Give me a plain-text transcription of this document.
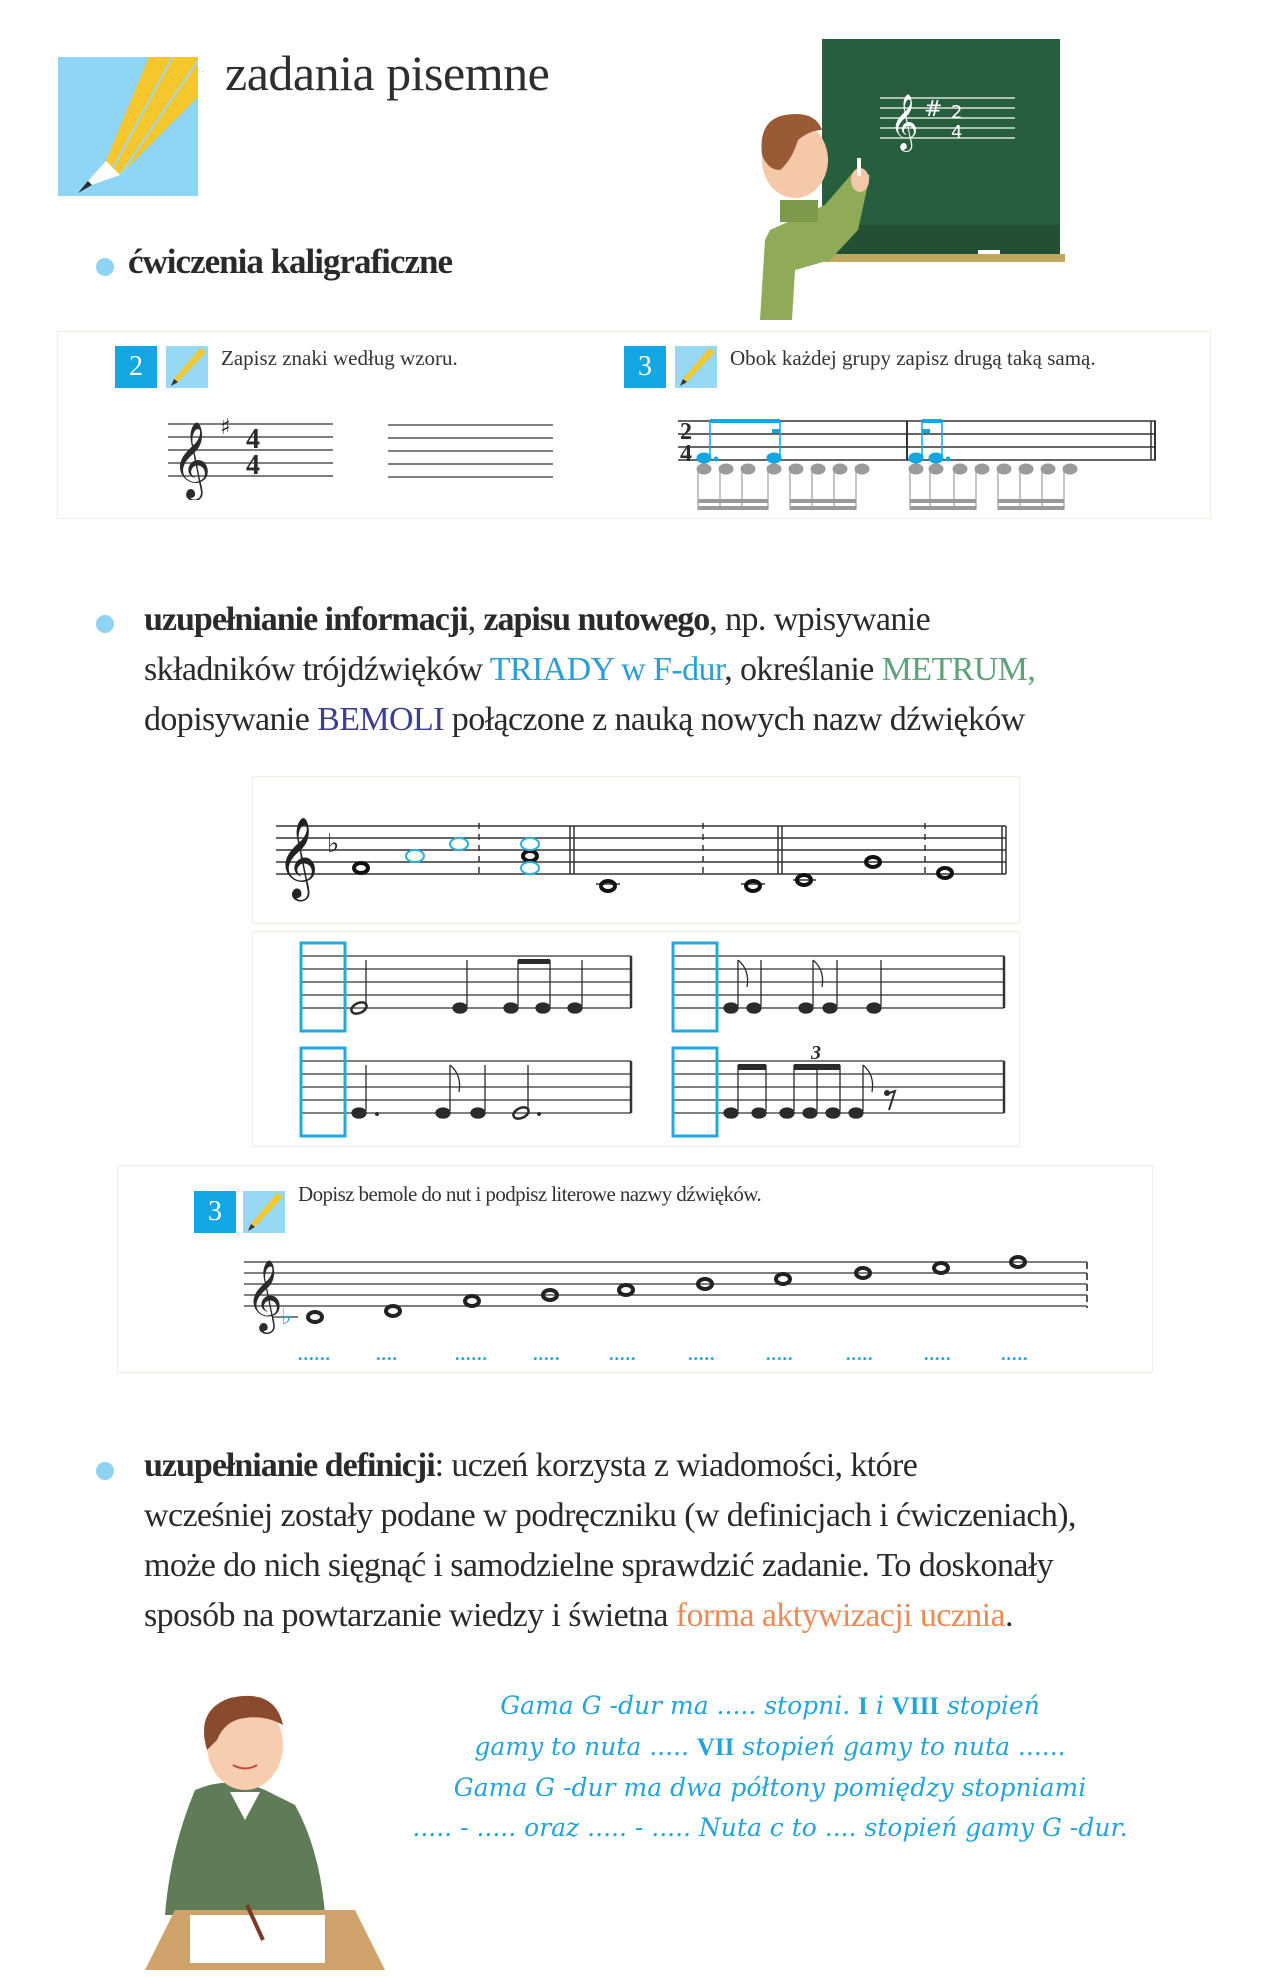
zadania pisemne
𝄞 # 2
4
ćwiczenia kaligraficzne
2	Zapisz znaki według wzoru.
𝄞 ♯ 4
4
3	Obok każdej grupy zapisz drugą taką samą.
2
4
uzupełnianie informacji, zapisu nutowego, np. wpisywanie
składników trójdźwięków TRIADY w F-dur, określanie METRUM,
dopisywanie BEMOLI połączone z nauką nowych nazw dźwięków
𝄞 ♭
3
3
Dopisz bemole do nut i podpisz literowe nazwy dźwięków.
𝄞
♭
......	....	......	.....	.....	.....	.....	.....	.....	.....
uzupełnianie definicji: uczeń korzysta z wiadomości, które
wcześniej zostały podane w podręczniku (w definicjach i ćwiczeniach),
może do nich sięgnąć i samodzielne sprawdzić zadanie. To doskonały
sposób na powtarzanie wiedzy i świetna forma aktywizacji ucznia.
Gama G -dur ma ..... stopni. I i VIII stopień
gamy to nuta ..... VII stopień gamy to nuta ......
Gama G -dur ma dwa półtony pomiędzy stopniami
..... - ..... oraz ..... - ..... Nuta c to .... stopień gamy G -dur.
